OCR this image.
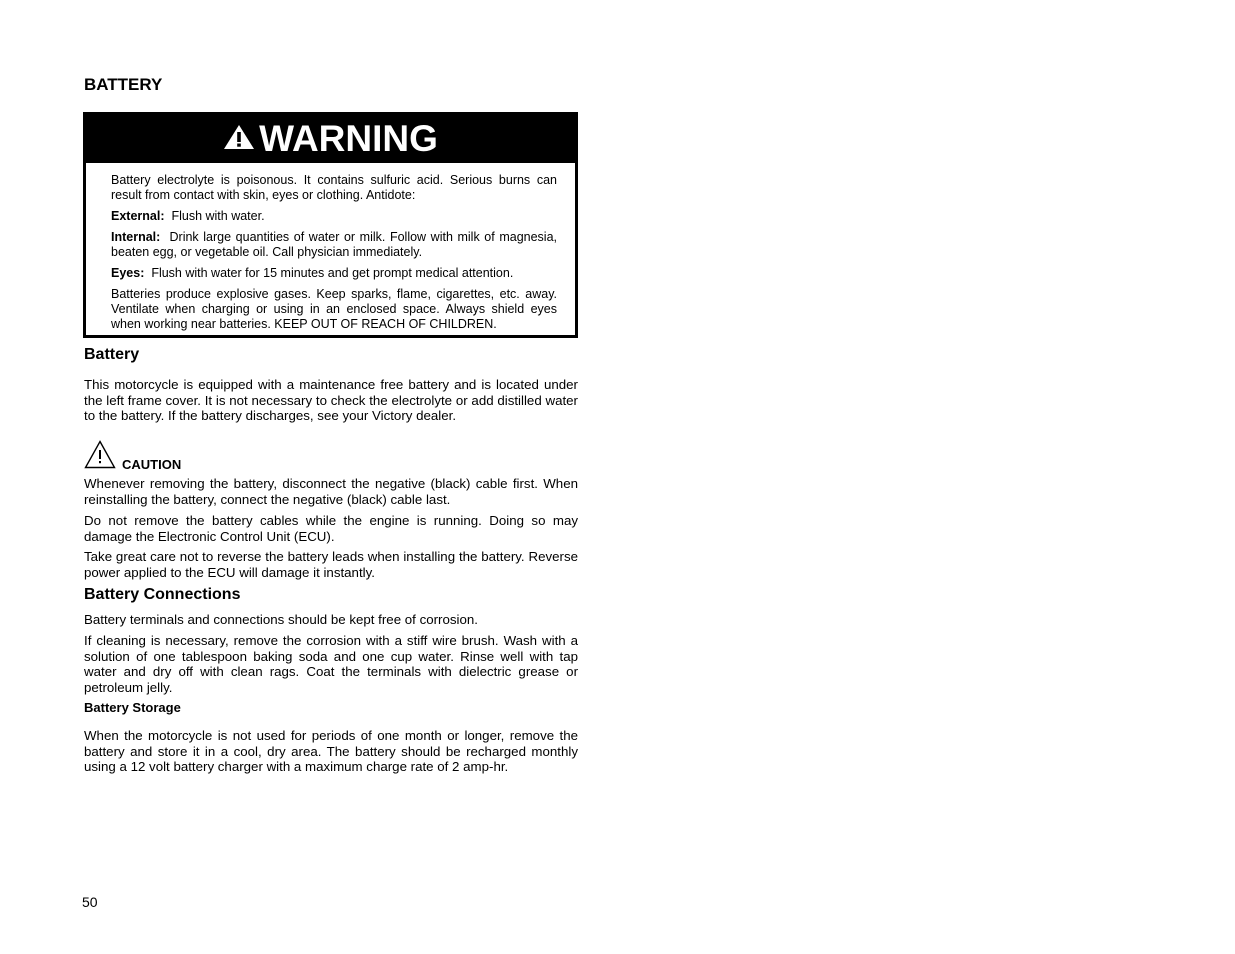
BATTERY
WARNING

Battery electrolyte is poisonous. It contains sulfuric acid. Serious burns can result from contact with skin, eyes or clothing. Antidote:

External: Flush with water.

Internal: Drink large quantities of water or milk. Follow with milk of magnesia, beaten egg, or vegetable oil. Call physician immediately.

Eyes: Flush with water for 15 minutes and get prompt medical attention.

Batteries produce explosive gases. Keep sparks, flame, cigarettes, etc. away. Ventilate when charging or using in an enclosed space. Always shield eyes when working near batteries. KEEP OUT OF REACH OF CHILDREN.

Battery

This motorcycle is equipped with a maintenance free battery and is located under the left frame cover. It is not necessary to check the electrolyte or add distilled water to the battery. If the battery discharges, see your Victory dealer.

CAUTION

Whenever removing the battery, disconnect the negative (black) cable first. When reinstalling the battery, connect the negative (black) cable last.

Do not remove the battery cables while the engine is running. Doing so may damage the Electronic Control Unit (ECU).

Take great care not to reverse the battery leads when installing the battery. Reverse power applied to the ECU will damage it instantly.

Battery Connections

Battery terminals and connections should be kept free of corrosion.

If cleaning is necessary, remove the corrosion with a stiff wire brush. Wash with a solution of one tablespoon baking soda and one cup water. Rinse well with tap water and dry off with clean rags. Coat the terminals with dielectric grease or petroleum jelly.

Battery Storage

When the motorcycle is not used for periods of one month or longer, remove the battery and store it in a cool, dry area. The battery should be recharged monthly using a 12 volt battery charger with a maximum charge rate of 2 amp-hr.

50
